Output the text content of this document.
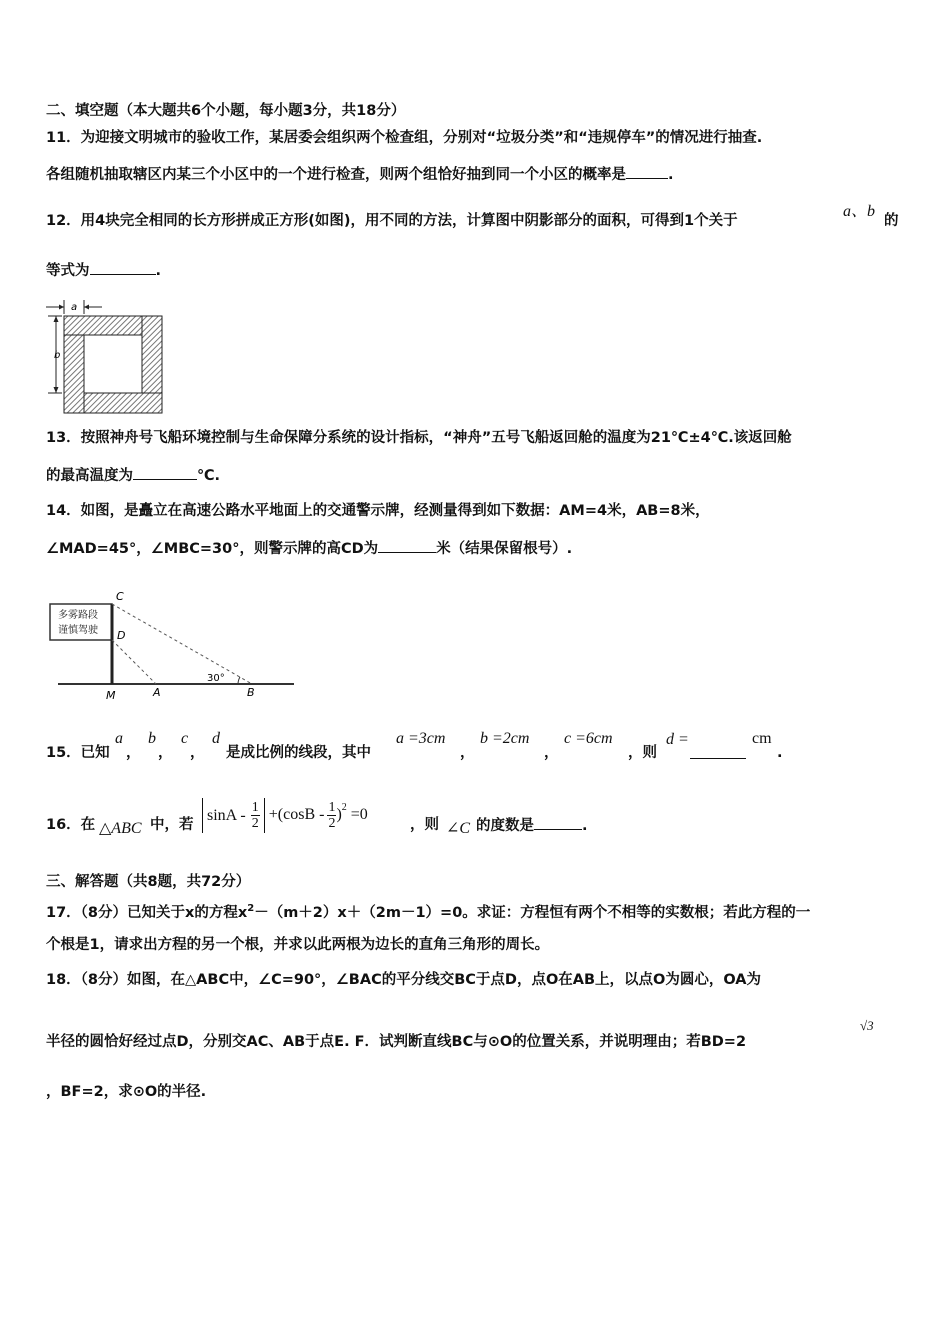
二、填空题（本大题共6个小题，每小题3分，共18分）
11．为迎接文明城市的验收工作，某居委会组织两个检查组，分别对“垃圾分类”和“违规停车”的情况进行抽查.
各组随机抽取辖区内某三个小区中的一个进行检查，则两个组恰好抽到同一个小区的概率是	.
12．用4块完全相同的长方形拼成正方形(如图)，用不同的方法，计算图中阴影部分的面积，可得到1个关于
a、b
的
等式为	.
a
b
13．按照神舟号飞船环境控制与生命保障分系统的设计指标，“神舟”五号飞船返回舱的温度为21℃±4℃.该返回舱
的最高温度为	℃.
14．如图，是矗立在高速公路水平地面上的交通警示牌，经测量得到如下数据：AM=4米，AB=8米，
∠MAD=45°，∠MBC=30°，则警示牌的高CD为	米（结果保留根号）.
多雾路段
谨慎驾驶
C
D
M	A	B
30°
15．已知
a
，
b
，
c
，
d
是成比例的线段，其中
a =3cm
，
b =2cm
，
c =6cm
，则
d =	cm
.
16．在 △ABC 中，若
$\sin A - \frac{1}{2} +(\cos B - \frac{1}{2} )^2 =0$
，则 ∠C 的度数是	.
三、解答题（共8题，共72分）
17．（8分）已知关于x的方程$x^2-(m+2)x+(2m-1)=0$。求证：方程恒有两个不相等的实数根；若此方程的一
个根是1，请求出方程的另一个根，并求以此两根为边长的直角三角形的周长。
18．（8分）如图，在△ABC中，∠C=90°，∠BAC的平分线交BC于点D，点O在AB上，以点O为圆心，OA为
半径的圆恰好经过点D，分别交AC、AB于点E. F．试判断直线BC与⊙O的位置关系，并说明理由；若BD=2
√3
，BF=2，求⊙O的半径.
